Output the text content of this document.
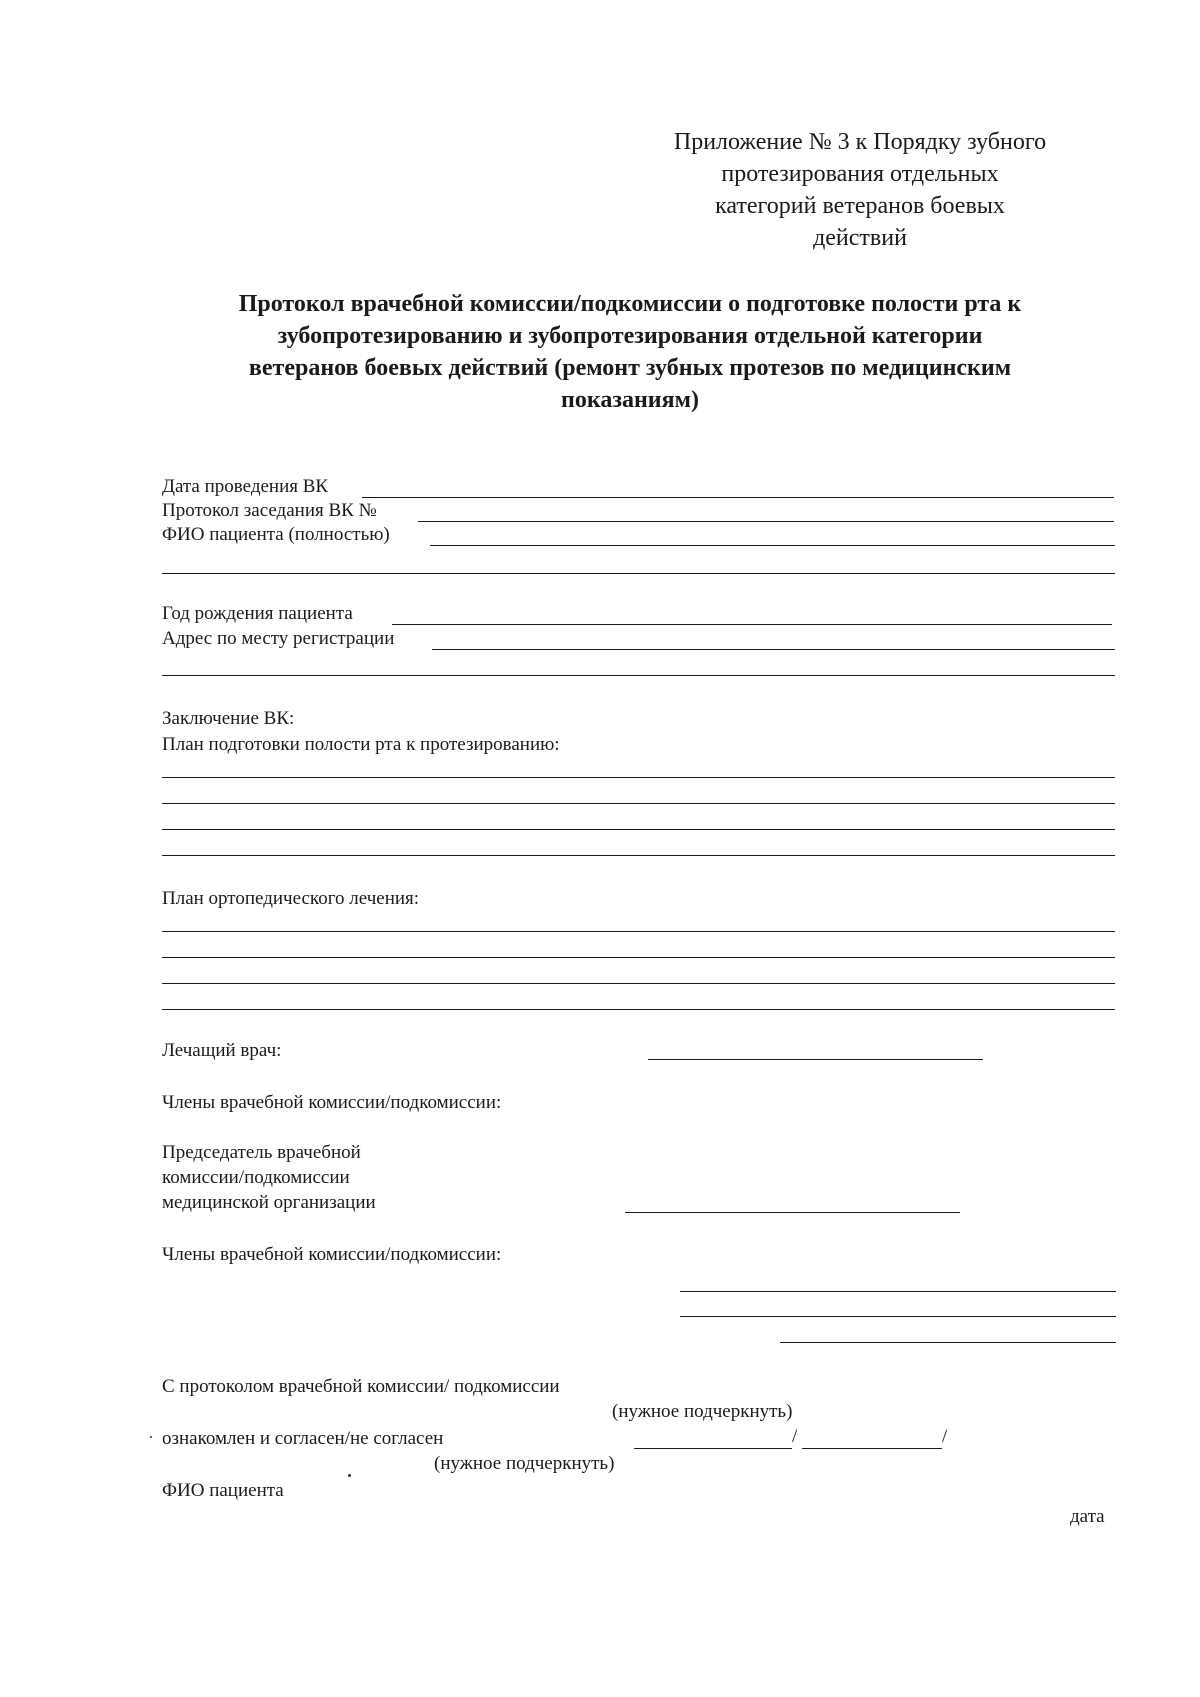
Приложение № 3 к Порядку зубного
протезирования отдельных
категорий ветеранов боевых
действий
Протокол врачебной комиссии/подкомиссии о подготовке полости рта к
зубопротезированию и зубопротезирования отдельной категории
ветеранов боевых действий (ремонт зубных протезов по медицинским
показаниям)
Дата проведения ВК
Протокол заседания ВК №
ФИО пациента (полностью)
Год рождения пациента
Адрес по месту регистрации
Заключение ВК:
План подготовки полости рта к протезированию:
План ортопедического лечения:
Лечащий врач:
Члены врачебной комиссии/подкомиссии:
Председатель врачебной
комиссии/подкомиссии
медицинской организации
Члены врачебной комиссии/подкомиссии:
С протоколом врачебной комиссии/ подкомиссии
(нужное подчеркнуть)
ознакомлен и согласен/не согласен	/	/
(нужное подчеркнуть)
ФИО пациента
дата
